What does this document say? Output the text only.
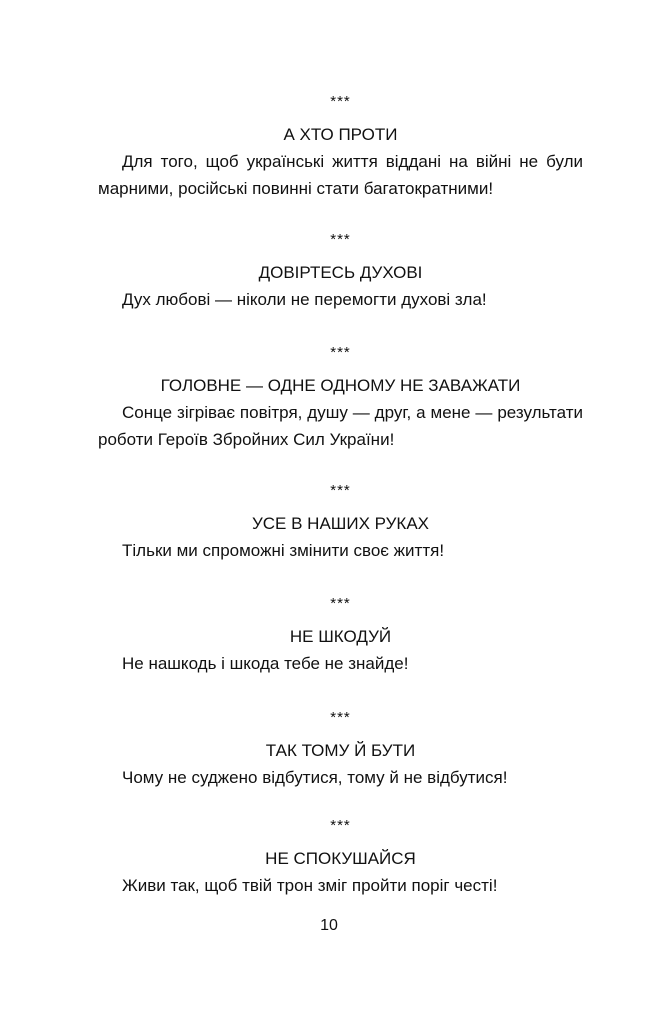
***
А ХТО ПРОТИ
Для того, щоб українські життя віддані на війні не були марними, російські повинні стати багатократними!
***
ДОВІРТЕСЬ ДУХОВІ
Дух любові — ніколи не перемогти духові зла!
***
ГОЛОВНЕ — ОДНЕ ОДНОМУ НЕ ЗАВАЖАТИ
Сонце зігріває повітря, душу — друг, а мене — результати роботи Героїв Збройних Сил України!
***
УСЕ В НАШИХ РУКАХ
Тільки ми спроможні змінити своє життя!
***
НЕ ШКОДУЙ
Не нашкодь і шкода тебе не знайде!
***
ТАК ТОМУ Й БУТИ
Чому не суджено відбутися, тому й не відбутися!
***
НЕ СПОКУШАЙСЯ
Живи так, щоб твій трон зміг пройти поріг честі!
10
